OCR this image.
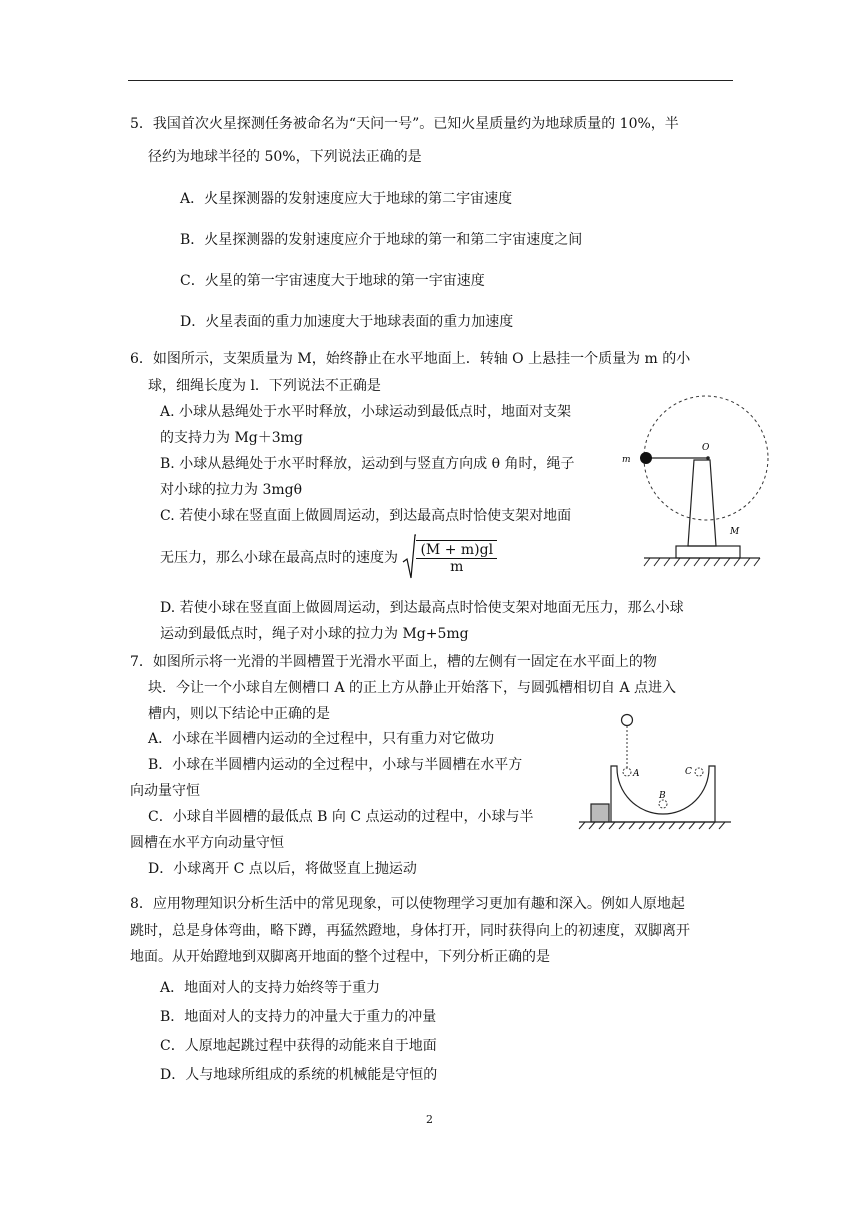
5．我国首次火星探测任务被命名为“天问一号”。已知火星质量约为地球质量的 10%，半
径约为地球半径的 50%，下列说法正确的是
A．火星探测器的发射速度应大于地球的第二宇宙速度
B．火星探测器的发射速度应介于地球的第一和第二宇宙速度之间
C．火星的第一宇宙速度大于地球的第一宇宙速度
D．火星表面的重力加速度大于地球表面的重力加速度
6．如图所示，支架质量为 M，始终静止在水平地面上．转轴 O 上悬挂一个质量为 m 的小
球，细绳长度为 l．下列说法不正确是
A. 小球从悬绳处于水平时释放，小球运动到最低点时，地面对支架
的支持力为 Mg＋3mg
B. 小球从悬绳处于水平时释放，运动到与竖直方向成 θ 角时，绳子
对小球的拉力为 3mgθ
C. 若使小球在竖直面上做圆周运动，到达最高点时恰使支架对地面
无压力，那么小球在最高点时的速度为 $\frac{(M + m)gl}{m}$
D. 若使小球在竖直面上做圆周运动，到达最高点时恰使支架对地面无压力，那么小球
运动到最低点时，绳子对小球的拉力为 Mg+5mg
O
m
M
7．如图所示将一光滑的半圆槽置于光滑水平面上，槽的左侧有一固定在水平面上的物
块．今让一个小球自左侧槽口 A 的正上方从静止开始落下，与圆弧槽相切自 A 点进入
槽内，则以下结论中正确的是
A．小球在半圆槽内运动的全过程中，只有重力对它做功
B．小球在半圆槽内运动的全过程中，小球与半圆槽在水平方
向动量守恒
C．小球自半圆槽的最低点 B 向 C 点运动的过程中，小球与半
圆槽在水平方向动量守恒
D．小球离开 C 点以后，将做竖直上抛运动
A
B
C
8．应用物理知识分析生活中的常见现象，可以使物理学习更加有趣和深入。例如人原地起
跳时，总是身体弯曲，略下蹲，再猛然蹬地，身体打开，同时获得向上的初速度，双脚离开
地面。从开始蹬地到双脚离开地面的整个过程中，下列分析正确的是
A．地面对人的支持力始终等于重力
B．地面对人的支持力的冲量大于重力的冲量
C．人原地起跳过程中获得的动能来自于地面
D．人与地球所组成的系统的机械能是守恒的
2
